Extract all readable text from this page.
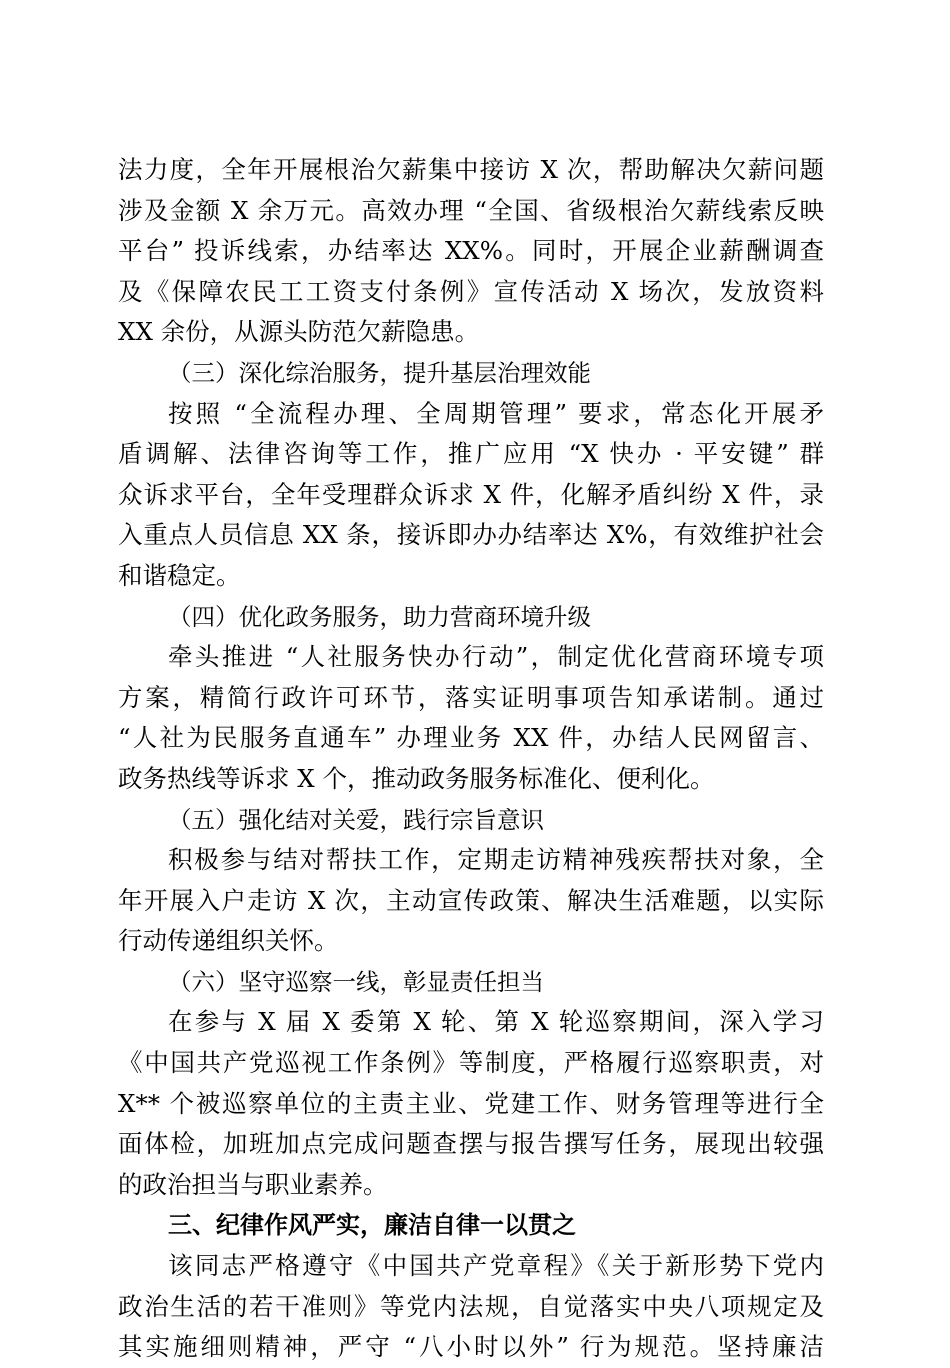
法力度，全年开展根治欠薪集中接访 X 次，帮助解决欠薪问题
涉及金额 X 余万元。高效办理 “全国、省级根治欠薪线索反映
平台” 投诉线索，办结率达 XX%。同时，开展企业薪酬调查
及《保障农民工工资支付条例》宣传活动 X 场次，发放资料
XX 余份，从源头防范欠薪隐患。
（三）深化综治服务，提升基层治理效能
按照 “全流程办理、全周期管理” 要求，常态化开展矛
盾调解、法律咨询等工作，推广应用 “X 快办 · 平安键” 群
众诉求平台，全年受理群众诉求 X 件，化解矛盾纠纷 X 件，录
入重点人员信息 XX 条，接诉即办办结率达 X%，有效维护社会
和谐稳定。
（四）优化政务服务，助力营商环境升级
牵头推进 “人社服务快办行动”，制定优化营商环境专项
方案，精简行政许可环节，落实证明事项告知承诺制。通过
“人社为民服务直通车” 办理业务 XX 件，办结人民网留言、
政务热线等诉求 X 个，推动政务服务标准化、便利化。
（五）强化结对关爱，践行宗旨意识
积极参与结对帮扶工作，定期走访精神残疾帮扶对象，全
年开展入户走访 X 次，主动宣传政策、解决生活难题，以实际
行动传递组织关怀。
（六）坚守巡察一线，彰显责任担当
在参与 X 届 X 委第 X 轮、第 X 轮巡察期间，深入学习
《中国共产党巡视工作条例》等制度，严格履行巡察职责，对
X** 个被巡察单位的主责主业、党建工作、财务管理等进行全
面体检，加班加点完成问题查摆与报告撰写任务，展现出较强
的政治担当与职业素养。
三、纪律作风严实，廉洁自律一以贯之
该同志严格遵守《中国共产党章程》《关于新形势下党内
政治生活的若干准则》等党内法规，自觉落实中央八项规定及
其实施细则精神，严守 “八小时以外” 行为规范。坚持廉洁
